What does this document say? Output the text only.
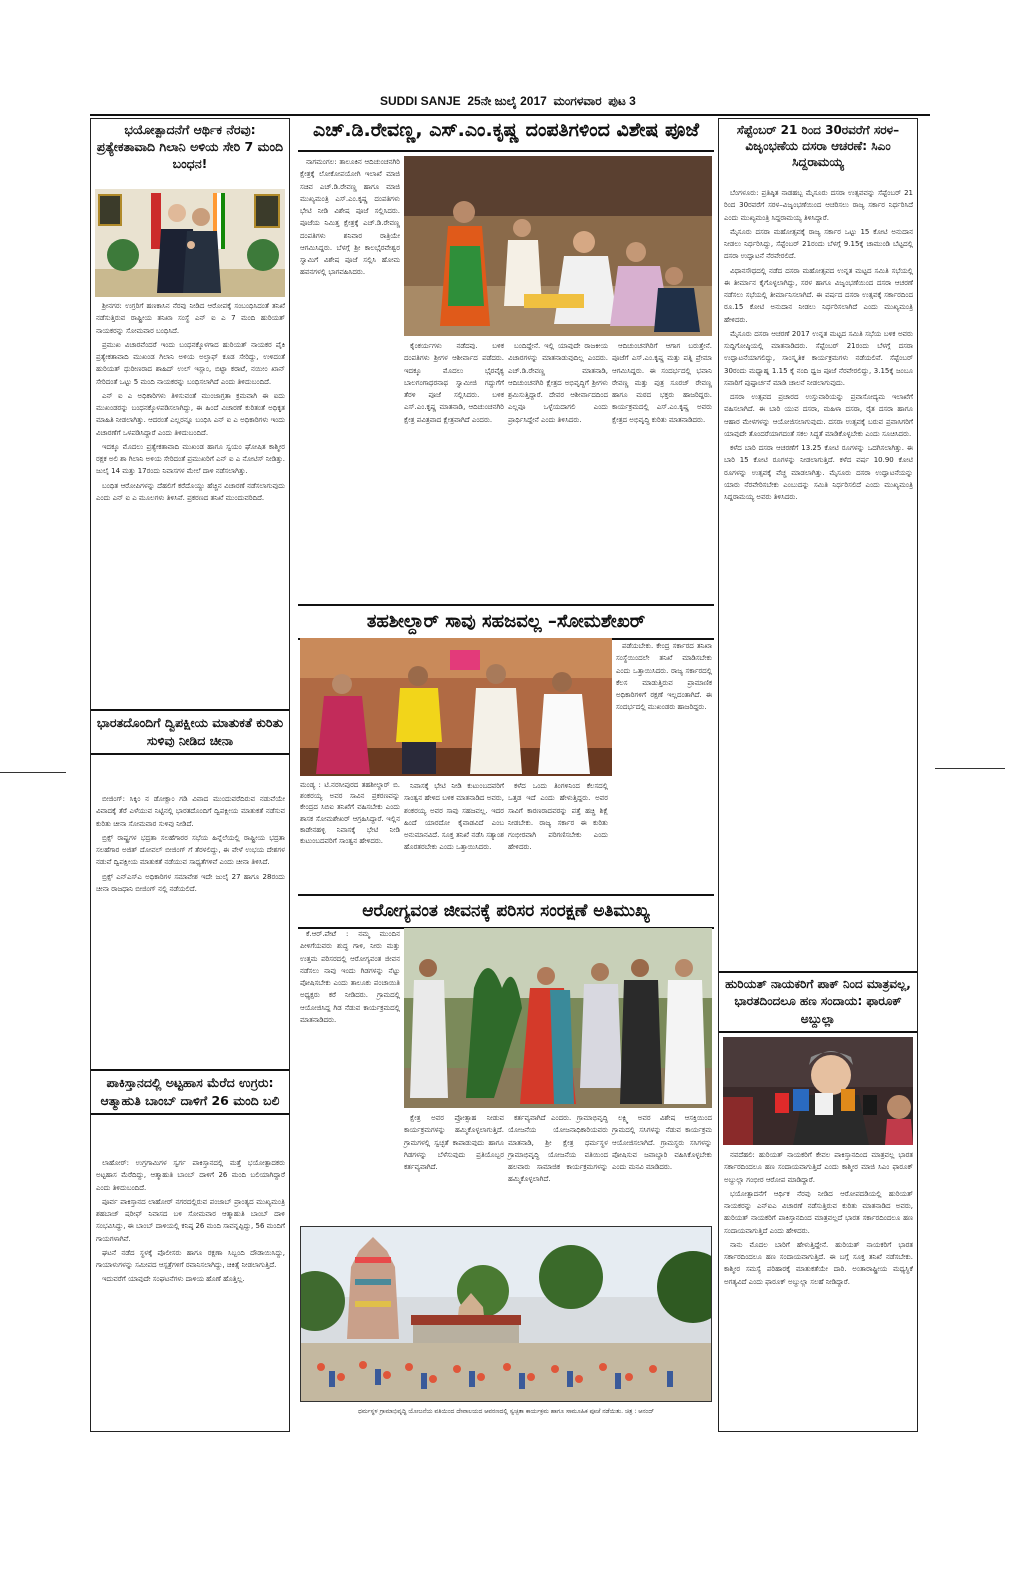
SUDDI SANJE 25ನೇ ಜುಲೈ 2017 ಮಂಗಳವಾರ ಪುಟ 3
ಭಯೋತ್ಪಾದನೆಗೆ ಆರ್ಥಿಕ ನೆರವು: ಪ್ರತ್ಯೇಕತಾವಾದಿ ಗಿಲಾನಿ ಅಳಿಯ ಸೇರಿ 7 ಮಂದಿ ಬಂಧನ!

ಶ್ರೀನಗರ: ಉಗ್ರರಿಗೆ ಹಣಕಾಸಿನ ನೆರವು ನೀಡಿದ ಆರೋಪಕ್ಕೆ ಸಂಬಂಧಿಸಿದಂತೆ ತನಿಖೆ ನಡೆಸುತ್ತಿರುವ ರಾಷ್ಟ್ರೀಯ ತನಿಖಾ ಸಂಸ್ಥೆ ಎನ್ ಐ ಎ 7 ಮಂದಿ ಹುರಿಯತ್ ನಾಯಕರನ್ನು ಸೋಮವಾರ ಬಂಧಿಸಿದೆ.

ಪ್ರಮುಖ ವಿಚಾರವೆಂದರೆ ಇಂದು ಬಂಧನಕ್ಕೊಳಗಾದ ಹುರಿಯತ್ ನಾಯಕರ ಪೈಕಿ ಪ್ರತ್ಯೇಕತಾವಾದಿ ಮುಖಂಡ ಗಿಲಾನಿ ಅಳಿಯ ಅಲ್ತಾಫ್ ಕೂಡ ಸೇರಿದ್ದು, ಉಳಿದಂತೆ ಹುರಿಯತ್ ಧುರೀಣರಾದ ಶಾಹಿದ್ ಉಲ್ ಇಸ್ಲಾಂ, ಬಿಟ್ಟಾ ಕರಾಟೆ, ನಯೀಂ ಖಾನ್ ಸೇರಿದಂತೆ ಒಟ್ಟು 5 ಮಂದಿ ನಾಯಕರನ್ನು ಬಂಧಿಸಲಾಗಿದೆ ಎಂದು ತಿಳಿದುಬಂದಿದೆ.

ಎನ್ ಐ ಎ ಅಧಿಕಾರಿಗಳು ತಿಳಿಸುವಂತೆ ಮುಂಜಾಗ್ರತಾ ಕ್ರಮವಾಗಿ ಈ ಐದು ಮುಖಂಡರನ್ನು ಬಂಧನಕ್ಕೊಳಪಡಿಸಲಾಗಿದ್ದು, ಈ ಹಿಂದೆ ವಿಚಾರಣೆ ಕುರಿತಂತೆ ಅಧಿಕೃತ ಮಾಹಿತಿ ನೀಡಲಾಗಿತ್ತು. ಆದರಂತೆ ಎಲ್ಲರನ್ನೂ ಬಂಧಿಸಿ ಎನ್ ಐ ಎ ಅಧಿಕಾರಿಗಳು ಇಂದು ವಿಚಾರಣೆಗೆ ಒಳಪಡಿಸಿದ್ದಾರೆ ಎಂದು ತಿಳಿದುಬಂದಿದೆ.

ಇದಕ್ಕೂ ಮೊದಲು ಪ್ರತ್ಯೇಕತಾವಾದಿ ಮುಖಂಡ ಹಾಗೂ ಸ್ವಯಂ ಘೋಷಿತ ಕಾಶ್ಮೀರ ರಕ್ಷಕ ಅಲಿ ಶಾ ಗಿಲಾನಿ ಅಳಿಯ ಸೇರಿದಂತೆ ಪ್ರಮುಖರಿಗೆ ಎನ್ ಐ ಎ ನೋಟಿಸ್ ನೀಡಿತ್ತು. ಜುಲೈ 14 ಮತ್ತು 17ರಂದು ನಿವಾಸಗಳ ಮೇಲೆ ದಾಳಿ ನಡೆಸಲಾಗಿತ್ತು.

ಬಂಧಿತ ಆರೋಪಿಗಳನ್ನು ದೆಹಲಿಗೆ ಕರೆದೊಯ್ದು ಹೆಚ್ಚಿನ ವಿಚಾರಣೆ ನಡೆಸಲಾಗುವುದು ಎಂದು ಎನ್ ಐ ಎ ಮೂಲಗಳು ತಿಳಿಸಿವೆ. ಪ್ರಕರಣದ ತನಿಖೆ ಮುಂದುವರಿದಿದೆ.

ಭಾರತದೊಂದಿಗೆ ದ್ವಿಪಕ್ಷೀಯ ಮಾತುಕತೆ ಕುರಿತು ಸುಳಿವು ನೀಡಿದ ಚೀನಾ

ಬೀಜಿಂಗ್: ಸಿಕ್ಕಿಂ ನ ಡೋಕ್ಲಾಂ ಗಡಿ ವಿವಾದ ಮುಂದುವರೆದಿರುವ ನಡುವೆಯೇ ವಿವಾದಕ್ಕೆ ತೆರೆ ಎಳೆಯುವ ನಿಟ್ಟಿನಲ್ಲಿ ಭಾರತದೊಂದಿಗೆ ದ್ವಿಪಕ್ಷೀಯ ಮಾತುಕತೆ ನಡೆಸುವ ಕುರಿತು ಚೀನಾ ಸೋಮವಾರ ಸುಳಿವು ನೀಡಿದೆ.

ಬ್ರಿಕ್ಸ್ ರಾಷ್ಟ್ರಗಳ ಭದ್ರತಾ ಸಲಹೆಗಾರರ ಸಭೆಯ ಹಿನ್ನೆಲೆಯಲ್ಲಿ ರಾಷ್ಟ್ರೀಯ ಭದ್ರತಾ ಸಲಹೆಗಾರ ಅಜಿತ್ ದೋವಲ್ ಬೀಜಿಂಗ್ ಗೆ ತೆರಳಲಿದ್ದು, ಈ ವೇಳೆ ಉಭಯ ದೇಶಗಳ ನಡುವೆ ದ್ವಿಪಕ್ಷೀಯ ಮಾತುಕತೆ ನಡೆಯುವ ಸಾಧ್ಯತೆಗಳಿವೆ ಎಂದು ಚೀನಾ ತಿಳಿಸಿದೆ.

ಬ್ರಿಕ್ಸ್ ಎನ್ಎಸ್ಎ ಅಧಿಕಾರಿಗಳ ಸಮಾವೇಶ ಇದೇ ಜುಲೈ 27 ಹಾಗೂ 28ರಂದು ಚೀನಾ ರಾಜಧಾನಿ ಬೀಜಿಂಗ್ ನಲ್ಲಿ ನಡೆಯಲಿದೆ.

ಪಾಕಿಸ್ತಾನದಲ್ಲಿ ಅಟ್ಟಹಾಸ ಮೆರೆದ ಉಗ್ರರು: ಆತ್ಮಾಹುತಿ ಬಾಂಬ್ ದಾಳಿಗೆ 26 ಮಂದಿ ಬಲಿ

ಲಾಹೋರ್: ಉಗ್ರಗಾಮಿಗಳ ಸ್ವರ್ಗ ಪಾಕಿಸ್ತಾನದಲ್ಲಿ ಮತ್ತೆ ಭಯೋತ್ಪಾದಕರು ಅಟ್ಟಹಾಸ ಮೆರೆದಿದ್ದು, ಆತ್ಮಾಹುತಿ ಬಾಂಬ್ ದಾಳಿಗೆ 26 ಮಂದಿ ಬಲಿಯಾಗಿದ್ದಾರೆ ಎಂದು ತಿಳಿದುಬಂದಿದೆ.

ಪೂರ್ವ ಪಾಕಿಸ್ತಾನದ ಲಾಹೋರ್ ನಗರದಲ್ಲಿರುವ ಪಂಜಾಬ್ ಪ್ರಾಂತ್ಯದ ಮುಖ್ಯಮಂತ್ರಿ ಶಹಬಾಜ್ ಷರೀಫ್ ನಿವಾಸದ ಬಳಿ ಸೋಮವಾರ ಆತ್ಮಾಹುತಿ ಬಾಂಬ್ ದಾಳಿ ಸಂಭವಿಸಿದ್ದು, ಈ ಬಾಂಬ್ ದಾಳಿಯಲ್ಲಿ ಕನಿಷ್ಠ 26 ಮಂದಿ ಸಾವನ್ನಪ್ಪಿದ್ದು, 56 ಮಂದಿಗೆ ಗಾಯಗಳಾಗಿವೆ.

ಘಟನೆ ನಡೆದ ಸ್ಥಳಕ್ಕೆ ಪೊಲೀಸರು ಹಾಗೂ ರಕ್ಷಣಾ ಸಿಬ್ಬಂದಿ ದೌಡಾಯಿಸಿದ್ದು, ಗಾಯಾಳುಗಳನ್ನು ಸಮೀಪದ ಆಸ್ಪತ್ರೆಗಳಿಗೆ ರವಾನಿಸಲಾಗಿದ್ದು, ಚಿಕಿತ್ಸೆ ನೀಡಲಾಗುತ್ತಿದೆ.

ಇದುವರೆಗೆ ಯಾವುದೇ ಸಂಘಟನೆಗಳು ದಾಳಿಯ ಹೊಣೆ ಹೊತ್ತಿಲ್ಲ.

ಎಚ್.ಡಿ.ರೇವಣ್ಣ, ಎಸ್.ಎಂ.ಕೃಷ್ಣ ದಂಪತಿಗಳಿಂದ ವಿಶೇಷ ಪೂಜೆ

ನಾಗಮಂಗಲ: ತಾಲೂಕಿನ ಆದಿಚುಂಚನಗಿರಿ ಕ್ಷೇತ್ರಕ್ಕೆ ಲೋಕೋಪಯೋಗಿ ಇಲಾಖೆ ಮಾಜಿ ಸಚಿವ ಎಚ್.ಡಿ.ರೇವಣ್ಣ ಹಾಗೂ ಮಾಜಿ ಮುಖ್ಯಮಂತ್ರಿ ಎಸ್.ಎಂ.ಕೃಷ್ಣ ದಂಪತಿಗಳು ಭೇಟಿ ನೀಡಿ ವಿಶೇಷ ಪೂಜೆ ಸಲ್ಲಿಸಿದರು. ಪೂಜೆಯ ನಿಮಿತ್ತ ಕ್ಷೇತ್ರಕ್ಕೆ ಎಚ್.ಡಿ.ರೇವಣ್ಣ ದಂಪತಿಗಳು ಶನಿವಾರ ರಾತ್ರಿಯೇ ಆಗಮಿಸಿದ್ದರು. ಬೆಳಗ್ಗೆ ಶ್ರೀ ಕಾಲಭೈರವೇಶ್ವರ ಸ್ವಾಮಿಗೆ ವಿಶೇಷ ಪೂಜೆ ಸಲ್ಲಿಸಿ ಹೋಮ ಹವನಗಳಲ್ಲಿ ಭಾಗವಹಿಸಿದರು.

ಕೈಂಕರ್ಯಗಳು ನಡೆದವು. ಬಳಿಕ ದಂಪತಿಗಳು ಶ್ರೀಗಳ ಆಶೀರ್ವಾದ ಪಡೆದರು. ಇದಕ್ಕೂ ಮೊದಲು ಭೈರವೈಕ್ಯ ಬಾಲಗಂಗಾಧರನಾಥ ಸ್ವಾಮೀಜಿ ಗದ್ದುಗೆಗೆ ತೆರಳಿ ಪೂಜೆ ಸಲ್ಲಿಸಿದರು. ಬಳಿಕ ಎಸ್.ಎಂ.ಕೃಷ್ಣ ಮಾತನಾಡಿ, ಆದಿಚುಂಚನಗಿರಿ ಕ್ಷೇತ್ರ ಪವಿತ್ರವಾದ ಕ್ಷೇತ್ರವಾಗಿದೆ ಎಂದರು.

ಬಂದಿದ್ದೇನೆ. ಇಲ್ಲಿ ಯಾವುದೇ ರಾಜಕೀಯ ವಿಚಾರಗಳನ್ನು ಮಾತನಾಡುವುದಿಲ್ಲ ಎಂದರು. ಎಚ್.ಡಿ.ರೇವಣ್ಣ ಮಾತನಾಡಿ, ಆದಿಚುಂಚನಗಿರಿ ಕ್ಷೇತ್ರದ ಅಭಿವೃದ್ಧಿಗೆ ಶ್ರೀಗಳು ಶ್ರಮಿಸುತ್ತಿದ್ದಾರೆ. ದೇವರ ಆಶೀರ್ವಾದದಿಂದ ಎಲ್ಲವೂ ಒಳ್ಳೆಯದಾಗಲಿ ಎಂದು ಪ್ರಾರ್ಥಿಸಿದ್ದೇನೆ ಎಂದು ತಿಳಿಸಿದರು.

ಆದಿಚುಂಚನಗಿರಿಗೆ ಆಗಾಗ ಬರುತ್ತೇನೆ. ಪೂಜೆಗೆ ಎಸ್.ಎಂ.ಕೃಷ್ಣ ಮತ್ತು ಪತ್ನಿ ಪ್ರೇಮಾ ಆಗಮಿಸಿದ್ದರು. ಈ ಸಂದರ್ಭದಲ್ಲಿ ಭವಾನಿ ರೇವಣ್ಣ ಮತ್ತು ಪುತ್ರ ಸೂರಜ್ ರೇವಣ್ಣ ಹಾಗೂ ಮಠದ ಭಕ್ತರು ಹಾಜರಿದ್ದರು. ಕಾರ್ಯಕ್ರಮದಲ್ಲಿ ಎಸ್.ಎಂ.ಕೃಷ್ಣ ಅವರು ಕ್ಷೇತ್ರದ ಅಭಿವೃದ್ಧಿ ಕುರಿತು ಮಾತನಾಡಿದರು.

ತಹಶೀಲ್ದಾರ್ ಸಾವು ಸಹಜವಲ್ಲ –ಸೋಮಶೇಖರ್

ಪಡೆಯಬೇಕು. ಕೇಂದ್ರ ಸರ್ಕಾರದ ತನಿಖಾ ಸಂಸ್ಥೆಯಿಂದಲೇ ತನಿಖೆ ಮಾಡಿಸಬೇಕು ಎಂದು ಒತ್ತಾಯಿಸಿದರು. ರಾಜ್ಯ ಸರ್ಕಾರದಲ್ಲಿ ಕೆಲಸ ಮಾಡುತ್ತಿರುವ ಪ್ರಾಮಾಣಿಕ ಅಧಿಕಾರಿಗಳಿಗೆ ರಕ್ಷಣೆ ಇಲ್ಲದಂತಾಗಿದೆ. ಈ ಸಂದರ್ಭದಲ್ಲಿ ಮುಖಂಡರು ಹಾಜರಿದ್ದರು.

ಮಂಡ್ಯ : ಟಿ.ನರಸೀಪುರದ ತಹಶೀಲ್ದಾರ್ ಬಿ. ಶಂಕರಯ್ಯ ಅವರ ಸಾವಿನ ಪ್ರಕರಣವನ್ನು ಕೇಂದ್ರದ ಸಿಬಿಐ ತನಿಖೆಗೆ ವಹಿಸಬೇಕು ಎಂದು ಶಾಸಕ ಸೋಮಶೇಖರ್ ಆಗ್ರಹಿಸಿದ್ದಾರೆ. ಇಲ್ಲಿನ ಕಾಡೇನಹಳ್ಳಿ ನಿವಾಸಕ್ಕೆ ಭೇಟಿ ನೀಡಿ ಕುಟುಂಬದವರಿಗೆ ಸಾಂತ್ವನ ಹೇಳಿದರು.

ನಿವಾಸಕ್ಕೆ ಭೇಟಿ ನೀಡಿ ಕುಟುಂಬದವರಿಗೆ ಸಾಂತ್ವನ ಹೇಳಿದ ಬಳಿಕ ಮಾತನಾಡಿದ ಅವರು, ಶಂಕರಯ್ಯ ಅವರ ಸಾವು ಸಹಜವಲ್ಲ. ಇದರ ಹಿಂದೆ ಯಾರದೋ ಕೈವಾಡವಿದೆ ಎಂಬ ಅನುಮಾನವಿದೆ. ಸೂಕ್ತ ತನಿಖೆ ನಡೆಸಿ ಸತ್ಯಾಂಶ ಹೊರತರಬೇಕು ಎಂದು ಒತ್ತಾಯಿಸಿದರು.

ಕಳೆದ ಒಂದು ತಿಂಗಳಿನಿಂದ ಕೆಲಸದಲ್ಲಿ ಒತ್ತಡ ಇದೆ ಎಂದು ಹೇಳುತ್ತಿದ್ದರು. ಅವರ ಸಾವಿಗೆ ಕಾರಣರಾದವರನ್ನು ಪತ್ತೆ ಹಚ್ಚಿ ಶಿಕ್ಷೆ ನೀಡಬೇಕು. ರಾಜ್ಯ ಸರ್ಕಾರ ಈ ಕುರಿತು ಗಂಭೀರವಾಗಿ ಪರಿಗಣಿಸಬೇಕು ಎಂದು ಹೇಳಿದರು.

ಆರೋಗ್ಯವಂತ ಜೀವನಕ್ಕೆ ಪರಿಸರ ಸಂರಕ್ಷಣೆ ಅತಿಮುಖ್ಯ

ಕೆ.ಆರ್.ಪೇಟೆ : ನಮ್ಮ ಮುಂದಿನ ಪೀಳಿಗೆಯವರು ಶುದ್ಧ ಗಾಳಿ, ನೀರು ಮತ್ತು ಉತ್ತಮ ಪರಿಸರದಲ್ಲಿ ಆರೋಗ್ಯವಂತ ಜೀವನ ನಡೆಸಲು ನಾವು ಇಂದು ಗಿಡಗಳನ್ನು ನೆಟ್ಟು ಪೋಷಿಸಬೇಕು ಎಂದು ತಾಲೂಕು ಪಂಚಾಯಿತಿ ಅಧ್ಯಕ್ಷರು ಕರೆ ನೀಡಿದರು. ಗ್ರಾಮದಲ್ಲಿ ಆಯೋಜಿಸಿದ್ದ ಗಿಡ ನೆಡುವ ಕಾರ್ಯಕ್ರಮದಲ್ಲಿ ಮಾತನಾಡಿದರು.

ಕ್ಷೇತ್ರ ಅವರ ಪ್ರೋತ್ಸಾಹ ನೀಡುವ ಕಾರ್ಯಕ್ರಮಗಳನ್ನು ಹಮ್ಮಿಕೊಳ್ಳಲಾಗುತ್ತಿದೆ. ಗ್ರಾಮಗಳಲ್ಲಿ ಸ್ವಚ್ಛತೆ ಕಾಪಾಡುವುದು ಹಾಗೂ ಗಿಡಗಳನ್ನು ಬೆಳೆಸುವುದು ಪ್ರತಿಯೊಬ್ಬರ ಕರ್ತವ್ಯವಾಗಿದೆ.

ಕರ್ತವ್ಯವಾಗಿದೆ ಎಂದರು. ಗ್ರಾಮಾಭಿವೃದ್ಧಿ ಯೋಜನೆಯ ಯೋಜನಾಧಿಕಾರಿಯವರು ಮಾತನಾಡಿ, ಶ್ರೀ ಕ್ಷೇತ್ರ ಧರ್ಮಸ್ಥಳ ಗ್ರಾಮಾಭಿವೃದ್ಧಿ ಯೋಜನೆಯ ವತಿಯಿಂದ ಹಲವಾರು ಸಾಮಾಜಿಕ ಕಾರ್ಯಕ್ರಮಗಳನ್ನು ಹಮ್ಮಿಕೊಳ್ಳಲಾಗಿದೆ.

ಲಕ್ಷ್ಮಿ ಅವರ ವಿಶೇಷ ಆಸಕ್ತಿಯಿಂದ ಗ್ರಾಮದಲ್ಲಿ ಸಸಿಗಳನ್ನು ನೆಡುವ ಕಾರ್ಯಕ್ರಮ ಆಯೋಜಿಸಲಾಗಿದೆ. ಗ್ರಾಮಸ್ಥರು ಸಸಿಗಳನ್ನು ಪೋಷಿಸುವ ಜವಾಬ್ದಾರಿ ವಹಿಸಿಕೊಳ್ಳಬೇಕು ಎಂದು ಮನವಿ ಮಾಡಿದರು.

ಧರ್ಮಸ್ಥಳ ಗ್ರಾಮಾಭಿವೃದ್ಧಿ ಯೋಜನೆಯ ವತಿಯಿಂದ ದೇವಾಲಯದ ಆವರಣದಲ್ಲಿ ಸ್ವಚ್ಛತಾ ಕಾರ್ಯಕ್ರಮ ಹಾಗೂ ಸಾಮೂಹಿಕ ಪೂಜೆ ನಡೆಯಿತು. ಚಿತ್ರ : ಆನಂದ್
ಸೆಪ್ಟೆಂಬರ್ 21 ರಿಂದ 30ರವರೆಗೆ ಸರಳ–ವಿಜೃಂಭಣೆಯ ದಸರಾ ಆಚರಣೆ: ಸಿಎಂ ಸಿದ್ದರಾಮಯ್ಯ

ಬೆಂಗಳೂರು: ಪ್ರತಿಷ್ಠಿತ ನಾಡಹಬ್ಬ ಮೈಸೂರು ದಸರಾ ಉತ್ಸವವನ್ನು ಸೆಪ್ಟೆಂಬರ್ 21 ರಿಂದ 30ರವರೆಗೆ ಸರಳ–ವಿಜೃಂಭಣೆಯಿಂದ ಆಚರಿಸಲು ರಾಜ್ಯ ಸರ್ಕಾರ ನಿರ್ಧರಿಸಿದೆ ಎಂದು ಮುಖ್ಯಮಂತ್ರಿ ಸಿದ್ದರಾಮಯ್ಯ ತಿಳಿಸಿದ್ದಾರೆ.

ಮೈಸೂರು ದಸರಾ ಮಹೋತ್ಸವಕ್ಕೆ ರಾಜ್ಯ ಸರ್ಕಾರ ಒಟ್ಟು 15 ಕೋಟಿ ಅನುದಾನ ನೀಡಲು ನಿರ್ಧರಿಸಿದ್ದು, ಸೆಪ್ಟೆಂಬರ್ 21ರಂದು ಬೆಳಗ್ಗೆ 9.15ಕ್ಕೆ ಚಾಮುಂಡಿ ಬೆಟ್ಟದಲ್ಲಿ ದಸರಾ ಉದ್ಘಾಟನೆ ನೆರವೇರಲಿದೆ.

ವಿಧಾನಸೌಧದಲ್ಲಿ ನಡೆದ ದಸರಾ ಮಹೋತ್ಸವದ ಉನ್ನತ ಮಟ್ಟದ ಸಮಿತಿ ಸಭೆಯಲ್ಲಿ ಈ ತೀರ್ಮಾನ ಕೈಗೊಳ್ಳಲಾಗಿದ್ದು, ಸರಳ ಹಾಗೂ ವಿಜೃಂಭಣೆಯಿಂದ ದಸರಾ ಆಚರಣೆ ನಡೆಸಲು ಸಭೆಯಲ್ಲಿ ತೀರ್ಮಾನಿಸಲಾಗಿದೆ. ಈ ವರ್ಷದ ದಸರಾ ಉತ್ಸವಕ್ಕೆ ಸರ್ಕಾರದಿಂದ ರೂ.15 ಕೋಟಿ ಅನುದಾನ ನೀಡಲು ನಿರ್ಧರಿಸಲಾಗಿದೆ ಎಂದು ಮುಖ್ಯಮಂತ್ರಿ ಹೇಳಿದರು.

ಮೈಸೂರು ದಸರಾ ಆಚರಣೆ 2017 ಉನ್ನತ ಮಟ್ಟದ ಸಮಿತಿ ಸಭೆಯ ಬಳಿಕ ಅವರು ಸುದ್ದಿಗೋಷ್ಠಿಯಲ್ಲಿ ಮಾತನಾಡಿದರು. ಸೆಪ್ಟೆಂಬರ್ 21ರಂದು ಬೆಳಗ್ಗೆ ದಸರಾ ಉದ್ಘಾಟನೆಯಾಗಲಿದ್ದು, ಸಾಂಸ್ಕೃತಿಕ ಕಾರ್ಯಕ್ರಮಗಳು ನಡೆಯಲಿವೆ. ಸೆಪ್ಟೆಂಬರ್ 30ರಂದು ಮಧ್ಯಾಹ್ನ 1.15 ಕ್ಕೆ ನಂದಿ ಧ್ವಜ ಪೂಜೆ ನೆರವೇರಲಿದ್ದು, 3.15ಕ್ಕೆ ಜಂಬೂ ಸವಾರಿಗೆ ಪುಷ್ಪಾರ್ಚನೆ ಮಾಡಿ ಚಾಲನೆ ನೀಡಲಾಗುವುದು.

ದಸರಾ ಉತ್ಸವದ ಪ್ರಚಾರದ ಉಸ್ತುವಾರಿಯನ್ನು ಪ್ರವಾಸೋದ್ಯಮ ಇಲಾಖೆಗೆ ವಹಿಸಲಾಗಿದೆ. ಈ ಬಾರಿ ಯುವ ದಸರಾ, ಮಹಿಳಾ ದಸರಾ, ರೈತ ದಸರಾ ಹಾಗೂ ಆಹಾರ ಮೇಳಗಳನ್ನು ಆಯೋಜಿಸಲಾಗುವುದು. ದಸರಾ ಉತ್ಸವಕ್ಕೆ ಬರುವ ಪ್ರವಾಸಿಗರಿಗೆ ಯಾವುದೇ ತೊಂದರೆಯಾಗದಂತೆ ಸಕಲ ಸಿದ್ಧತೆ ಮಾಡಿಕೊಳ್ಳಬೇಕು ಎಂದು ಸೂಚಿಸಿದರು.

ಕಳೆದ ಬಾರಿ ದಸರಾ ಆಚರಣೆಗೆ 13.25 ಕೋಟಿ ರೂಗಳನ್ನು ಒದಗಿಸಲಾಗಿತ್ತು. ಈ ಬಾರಿ 15 ಕೋಟಿ ರೂಗಳನ್ನು ನೀಡಲಾಗುತ್ತಿದೆ. ಕಳೆದ ವರ್ಷ 10.90 ಕೋಟಿ ರೂಗಳನ್ನು ಉತ್ಸವಕ್ಕೆ ವೆಚ್ಚ ಮಾಡಲಾಗಿತ್ತು. ಮೈಸೂರು ದಸರಾ ಉದ್ಘಾಟನೆಯನ್ನು ಯಾರು ನೆರವೇರಿಸಬೇಕು ಎಂಬುದನ್ನು ಸಮಿತಿ ನಿರ್ಧರಿಸಲಿದೆ ಎಂದು ಮುಖ್ಯಮಂತ್ರಿ ಸಿದ್ದರಾಮಯ್ಯ ಅವರು ತಿಳಿಸಿದರು.

ಹುರಿಯತ್ ನಾಯಕರಿಗೆ ಪಾಕ್ ನಿಂದ ಮಾತ್ರವಲ್ಲ, ಭಾರತದಿಂದಲೂ ಹಣ ಸಂದಾಯ: ಫಾರೂಕ್ ಅಬ್ದುಲ್ಲಾ

ನವದೆಹಲಿ: ಹುರಿಯತ್ ನಾಯಕರಿಗೆ ಕೇವಲ ಪಾಕಿಸ್ತಾನದಿಂದ ಮಾತ್ರವಲ್ಲ ಭಾರತ ಸರ್ಕಾರದಿಂದಲೂ ಹಣ ಸಂದಾಯವಾಗುತ್ತಿದೆ ಎಂದು ಕಾಶ್ಮೀರ ಮಾಜಿ ಸಿಎಂ ಫಾರೂಕ್ ಅಬ್ದುಲ್ಲಾ ಗಂಭೀರ ಆರೋಪ ಮಾಡಿದ್ದಾರೆ.

ಭಯೋತ್ಪಾದನೆಗೆ ಆರ್ಥಿಕ ನೆರವು ನೀಡಿದ ಆರೋಪದಡಿಯಲ್ಲಿ ಹುರಿಯತ್ ನಾಯಕರನ್ನು ಎನ್ಐಎ ವಿಚಾರಣೆ ನಡೆಸುತ್ತಿರುವ ಕುರಿತು ಮಾತನಾಡಿದ ಅವರು, ಹುರಿಯತ್ ನಾಯಕರಿಗೆ ಪಾಕಿಸ್ತಾನದಿಂದ ಮಾತ್ರವಲ್ಲದೆ ಭಾರತ ಸರ್ಕಾರದಿಂದಲೂ ಹಣ ಸಂದಾಯವಾಗುತ್ತಿದೆ ಎಂದು ಹೇಳಿದರು.

ನಾನು ಮೊದಲ ಬಾರಿಗೆ ಹೇಳುತ್ತಿದ್ದೇನೆ. ಹುರಿಯತ್ ನಾಯಕರಿಗೆ ಭಾರತ ಸರ್ಕಾರದಿಂದಲೂ ಹಣ ಸಂದಾಯವಾಗುತ್ತಿದೆ. ಈ ಬಗ್ಗೆ ಸೂಕ್ತ ತನಿಖೆ ನಡೆಸಬೇಕು. ಕಾಶ್ಮೀರ ಸಮಸ್ಯೆ ಪರಿಹಾರಕ್ಕೆ ಮಾತುಕತೆಯೇ ದಾರಿ. ಅಂತಾರಾಷ್ಟ್ರೀಯ ಮಧ್ಯಸ್ಥಿಕೆ ಅಗತ್ಯವಿದೆ ಎಂದು ಫಾರೂಕ್ ಅಬ್ದುಲ್ಲಾ ಸಲಹೆ ನೀಡಿದ್ದಾರೆ.
